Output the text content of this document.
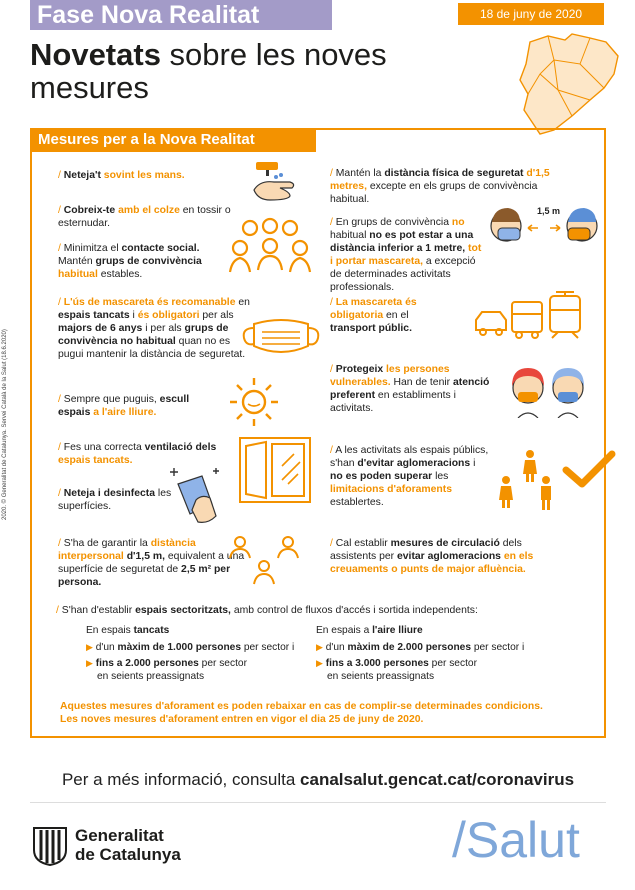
Fase Nova Realitat	18 de juny de 2020
Novetats sobre les noves mesures
Mesures per a la Nova Realitat
/ Neteja't sovint les mans.
/ Cobreix-te amb el colze en tossir o esternudar.
/ Minimitza el contacte social. Mantén grups de convivència habitual estables.
/ L'ús de mascareta és recomanable en espais tancats i és obligatori per als majors de 6 anys i per als grups de convivència no habitual quan no es pugui mantenir la distància de seguretat.
/ Sempre que puguis, escull espais a l'aire lliure.
/ Fes una correcta ventilació dels espais tancats.
/ Neteja i desinfecta les superfícies.
/ S'ha de garantir la distància interpersonal d'1,5 m, equivalent a una superfície de seguretat de 2,5 m² per persona.
/ Mantén la distància física de seguretat d'1,5 metres, excepte en els grups de convivència habitual.
/ En grups de convivència no habitual no es pot estar a una distància inferior a 1 metre, tot i portar mascareta, a excepció de determinades activitats professionals.
1,5 m
/ La mascareta és obligatoria en el transport públic.
/ Protegeix les persones vulnerables. Han de tenir atenció preferent en establiments i activitats.
/ A les activitats als espais públics, s'han d'evitar aglomeracions i no es poden superar les limitacions d'aforaments establertes.
/ Cal establir mesures de circulació dels assistents per evitar aglomeracions en els creuaments o punts de major afluència.
/ S'han d'establir espais sectoritzats, amb control de fluxos d'accés i sortida independents:
En espais tancats
▶ d'un màxim de 1.000 persones per sector i
▶ fins a 2.000 persones per sector
en seients preassignats
En espais a l'aire lliure
▶ d'un màxim de 2.000 persones per sector i
▶ fins a 3.000 persones per sector
en seients preassignats
Aquestes mesures d'aforament es poden rebaixar en cas de complir-se determinades condicions.
Les noves mesures d'aforament entren en vigor el dia 25 de juny de 2020.
Per a més informació, consulta canalsalut.gencat.cat/coronavirus
Generalitat
de Catalunya	/Salut
2020. © Generalitat de Catalunya. Servei Català de la Salut (18.6.2020)
